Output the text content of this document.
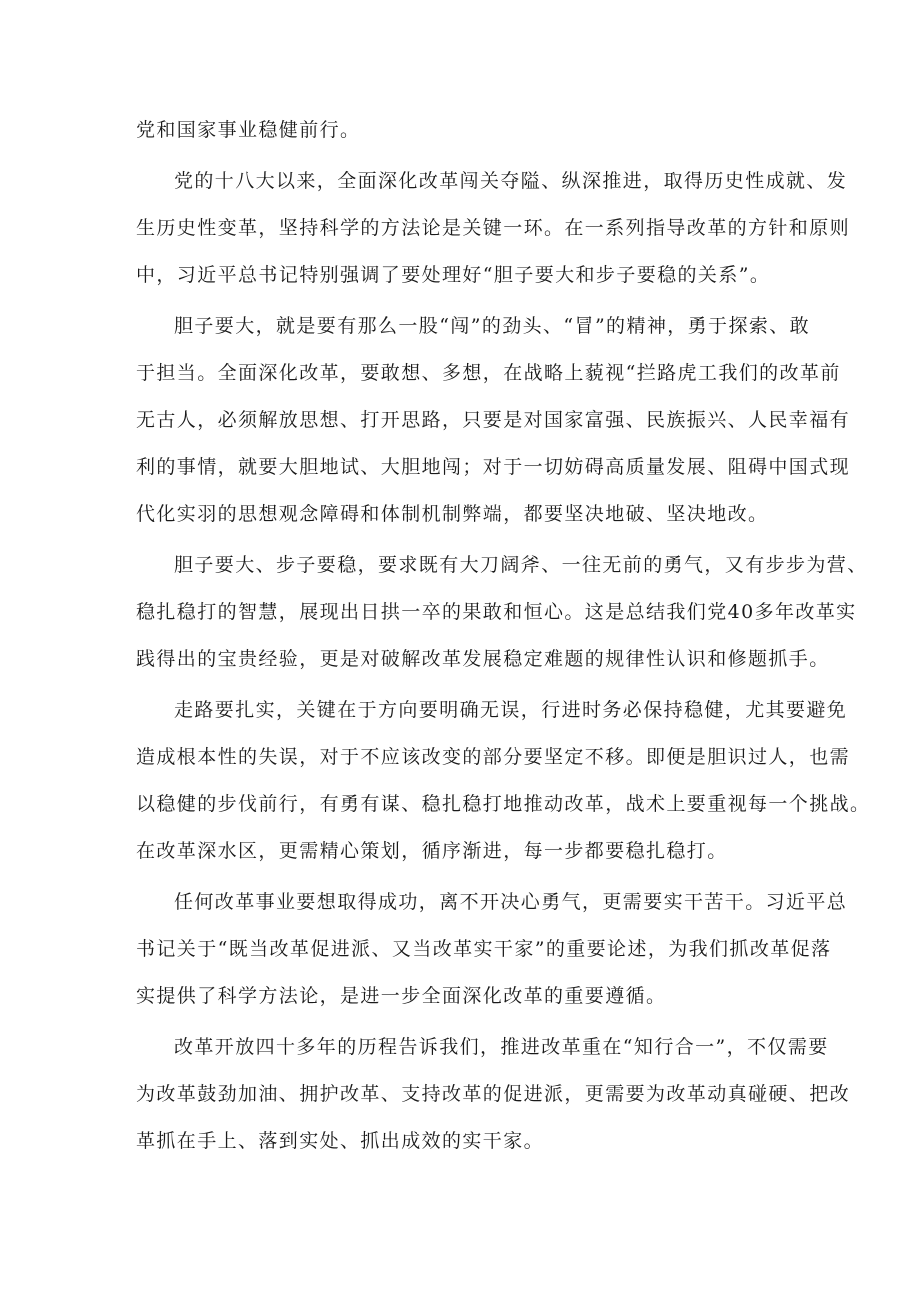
党和国家事业稳健前行。
党的十八大以来，全面深化改革闯关夺隘、纵深推进，取得历史性成就、发
生历史性变革，坚持科学的方法论是关键一环。在一系列指导改革的方针和原则
中，习近平总书记特别强调了要处理好“胆子要大和步子要稳的关系”。
胆子要大，就是要有那么一股“闯”的劲头、“冒”的精神，勇于探索、敢
于担当。全面深化改革，要敢想、多想，在战略上藐视“拦路虎工我们的改革前
无古人，必须解放思想、打开思路，只要是对国家富强、民族振兴、人民幸福有
利的事情，就要大胆地试、大胆地闯；对于一切妨碍高质量发展、阻碍中国式现
代化实羽的思想观念障碍和体制机制弊端，都要坚决地破、坚决地改。
胆子要大、步子要稳，要求既有大刀阔斧、一往无前的勇气，又有步步为营、
稳扎稳打的智慧，展现出日拱一卒的果敢和恒心。这是总结我们党40多年改革实
践得出的宝贵经验，更是对破解改革发展稳定难题的规律性认识和修题抓手。
走路要扎实，关键在于方向要明确无误，行进时务必保持稳健，尤其要避免
造成根本性的失误，对于不应该改变的部分要坚定不移。即便是胆识过人，也需
以稳健的步伐前行，有勇有谋、稳扎稳打地推动改革，战术上要重视每一个挑战。
在改革深水区，更需精心策划，循序渐进，每一步都要稳扎稳打。
任何改革事业要想取得成功，离不开决心勇气，更需要实干苦干。习近平总
书记关于“既当改革促进派、又当改革实干家”的重要论述，为我们抓改革促落
实提供了科学方法论，是进一步全面深化改革的重要遵循。
改革开放四十多年的历程告诉我们，推进改革重在“知行合一”，不仅需要
为改革鼓劲加油、拥护改革、支持改革的促进派，更需要为改革动真碰硬、把改
革抓在手上、落到实处、抓出成效的实干家。
